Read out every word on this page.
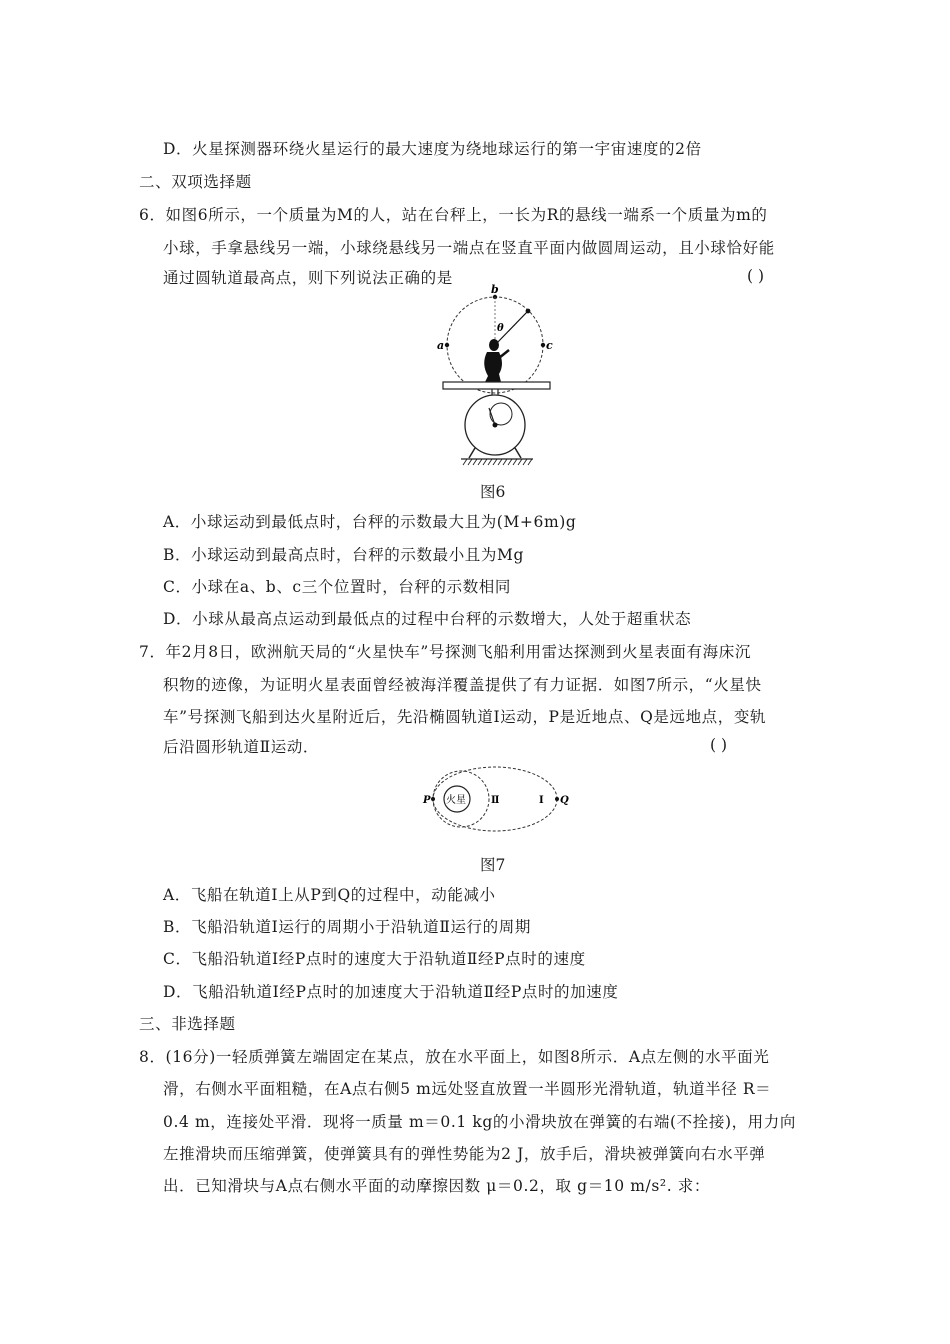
D．火星探测器环绕火星运行的最大速度为绕地球运行的第一宇宙速度的2倍
二、双项选择题
6．如图6所示，一个质量为M的人，站在台秤上，一长为R的悬线一端系一个质量为m的
小球，手拿悬线另一端，小球绕悬线另一端点在竖直平面内做圆周运动，且小球恰好能
通过圆轨道最高点，则下列说法正确的是	( )
b
a	c
θ
图6
A．小球运动到最低点时，台秤的示数最大且为(M+6m)g
B．小球运动到最高点时，台秤的示数最小且为Mg
C．小球在a、b、c三个位置时，台秤的示数相同
D．小球从最高点运动到最低点的过程中台秤的示数增大，人处于超重状态
7．年2月8日，欧洲航天局的“火星快车”号探测飞船利用雷达探测到火星表面有海床沉
积物的迹像，为证明火星表面曾经被海洋覆盖提供了有力证据．如图7所示，“火星快
车”号探测飞船到达火星附近后，先沿椭圆轨道Ⅰ运动，P是近地点、Q是远地点，变轨
后沿圆形轨道Ⅱ运动．	( )
火星
P	Q
Ⅱ	Ⅰ
图7
A．飞船在轨道Ⅰ上从P到Q的过程中，动能减小
B．飞船沿轨道Ⅰ运行的周期小于沿轨道Ⅱ运行的周期
C．飞船沿轨道Ⅰ经P点时的速度大于沿轨道Ⅱ经P点时的速度
D．飞船沿轨道Ⅰ经P点时的加速度大于沿轨道Ⅱ经P点时的加速度
三、非选择题
8．(16分)一轻质弹簧左端固定在某点，放在水平面上，如图8所示．A点左侧的水平面光
滑，右侧水平面粗糙，在A点右侧5 m远处竖直放置一半圆形光滑轨道，轨道半径 R＝
0.4 m，连接处平滑．现将一质量 m＝0.1 kg的小滑块放在弹簧的右端(不拴接)，用力向
左推滑块而压缩弹簧，使弹簧具有的弹性势能为2 J，放手后，滑块被弹簧向右水平弹
出．已知滑块与A点右侧水平面的动摩擦因数 μ＝0.2，取 g＝10 m/s². 求：
